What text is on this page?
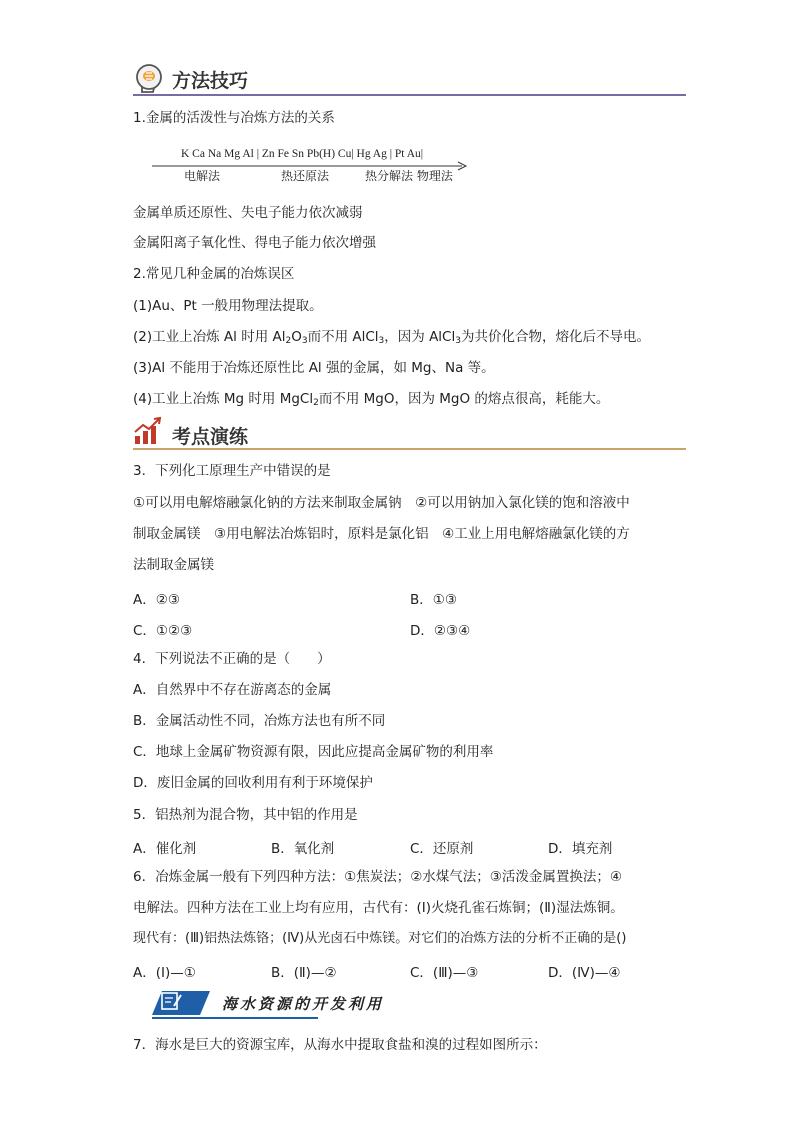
方法技巧
1.金属的活泼性与冶炼方法的关系
K Ca Na Mg Al | Zn Fe Sn Pb(H) Cu| Hg Ag | Pt Au|
电解法	热还原法	热分解法 物理法
金属单质还原性、失电子能力依次减弱
金属阳离子氧化性、得电子能力依次增强
2.常见几种金属的冶炼误区
(1)Au、Pt 一般用物理法提取。
(2)工业上冶炼 Al 时用 $Al_2O_3$而不用 AlCl$_3$，因为 AlCl$_3$为共价化合物，熔化后不导电。
(3)Al 不能用于冶炼还原性比 Al 强的金属，如 Mg、Na 等。
(4)工业上冶炼 Mg 时用 MgCl$_2$而不用 MgO，因为 MgO 的熔点很高，耗能大。
考点演练
3．下列化工原理生产中错误的是
①可以用电解熔融氯化钠的方法来制取金属钠　②可以用钠加入氯化镁的饱和溶液中
制取金属镁　③用电解法冶炼铝时，原料是氯化铝　④工业上用电解熔融氯化镁的方
法制取金属镁
A．②③	B．①③
C．①②③	D．②③④
4．下列说法不正确的是（　　）
A．自然界中不存在游离态的金属
B．金属活动性不同，冶炼方法也有所不同
C．地球上金属矿物资源有限，因此应提高金属矿物的利用率
D．废旧金属的回收利用有利于环境保护
5．铝热剂为混合物，其中铝的作用是
A．催化剂	B．氧化剂	C．还原剂	D．填充剂
6．冶炼金属一般有下列四种方法：①焦炭法；②水煤气法；③活泼金属置换法；④
电解法。四种方法在工业上均有应用，古代有：(Ⅰ)火烧孔雀石炼铜；(Ⅱ)湿法炼铜。
现代有：(Ⅲ)铝热法炼铬；(Ⅳ)从光卤石中炼镁。对它们的冶炼方法的分析不正确的是()
A．(Ⅰ)—①	B．(Ⅱ)—②	C．(Ⅲ)—③	D．(Ⅳ)—④
海水资源的开发利用
7．海水是巨大的资源宝库，从海水中提取食盐和溴的过程如图所示：
